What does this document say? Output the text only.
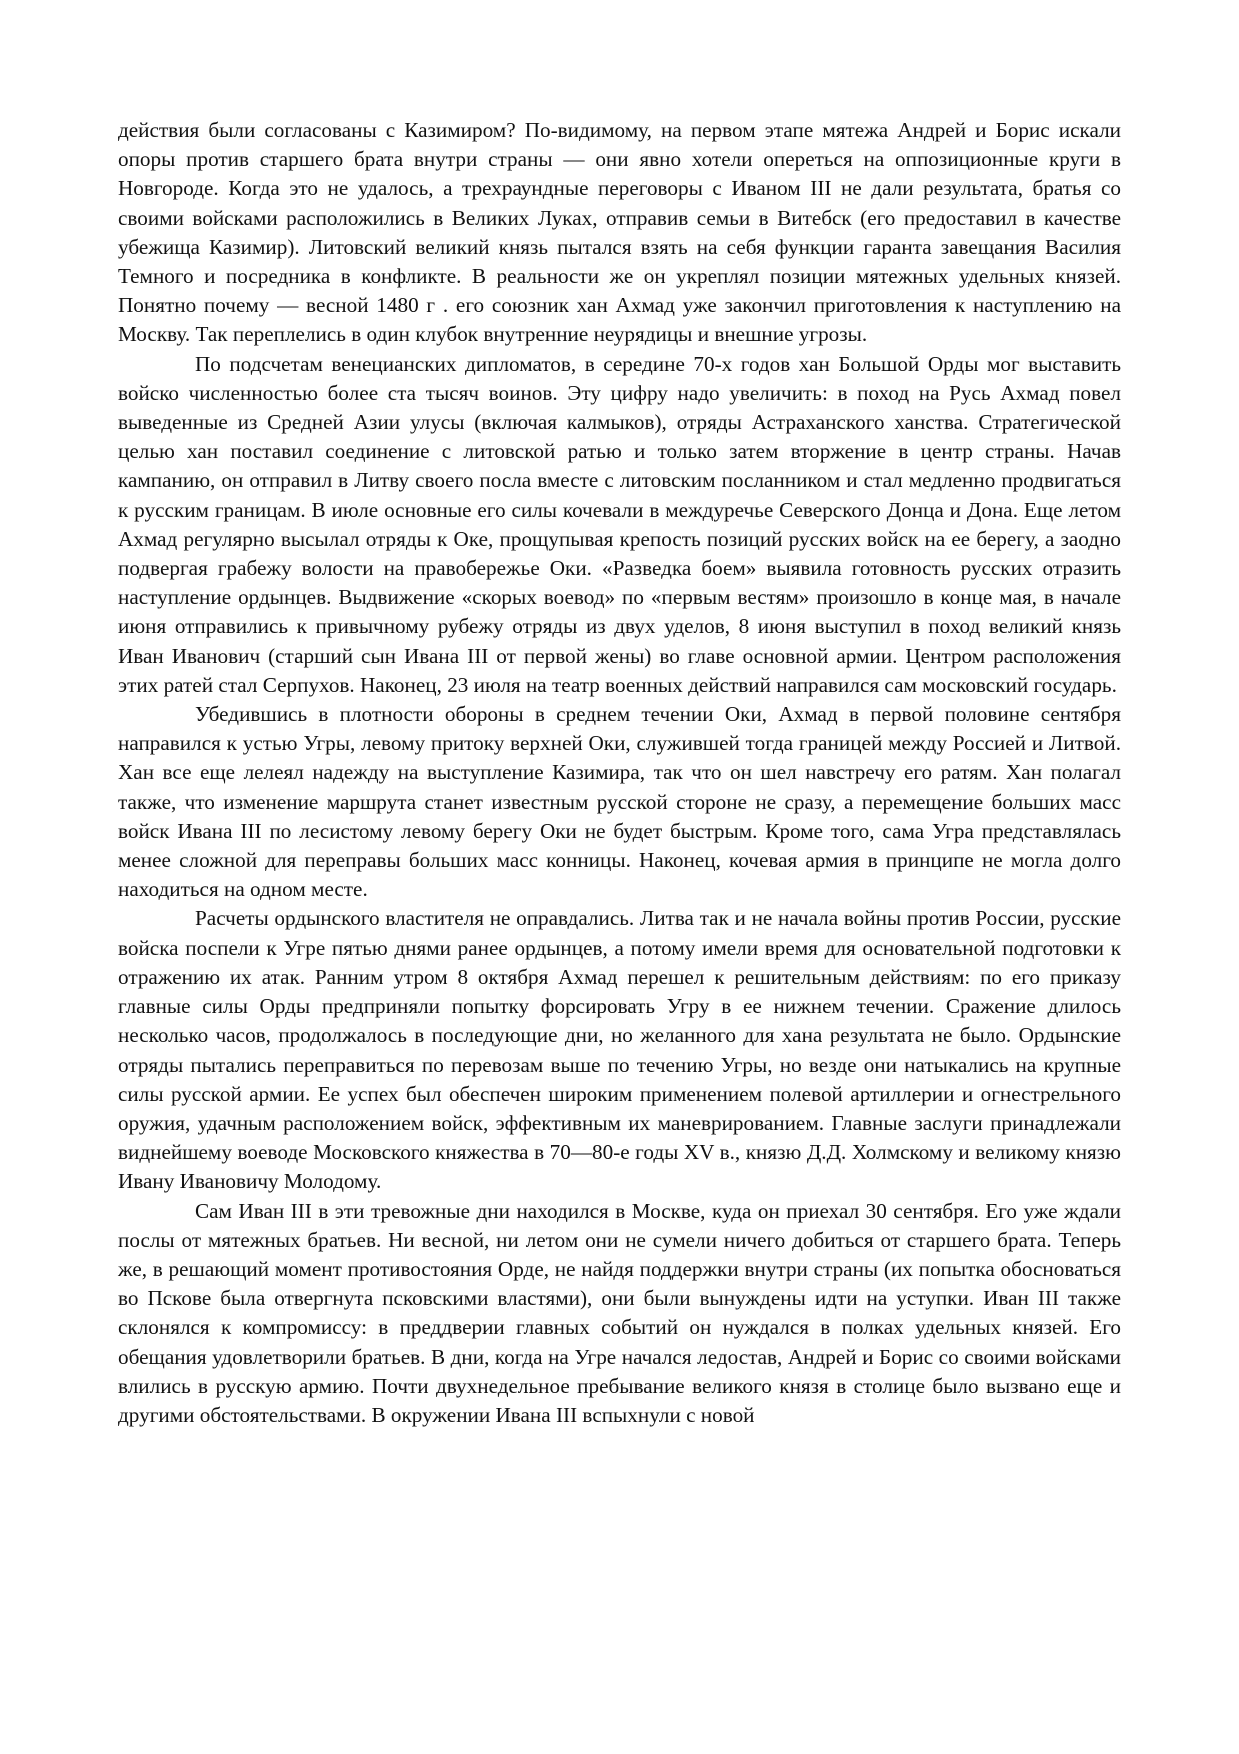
действия были согласованы с Казимиром? По-видимому, на первом этапе мятежа Андрей и Борис искали опоры против старшего брата внутри страны — они явно хотели опереться на оппозиционные круги в Новгороде. Когда это не удалось, а трехраундные переговоры с Иваном III не дали результата, братья со своими войсками расположились в Великих Луках, отправив семьи в Витебск (его предоставил в качестве убежища Казимир). Литовский великий князь пытался взять на себя функции гаранта завещания Василия Темного и посредника в конфликте. В реальности же он укреплял позиции мятежных удельных князей. Понятно почему — весной 1480 г . его союзник хан Ахмад уже закончил приготовления к наступлению на Москву. Так переплелись в один клубок внутренние неурядицы и внешние угрозы.

По подсчетам венецианских дипломатов, в середине 70-х годов хан Большой Орды мог выставить войско численностью более ста тысяч воинов. Эту цифру надо увеличить: в поход на Русь Ахмад повел выведенные из Средней Азии улусы (включая калмыков), отряды Астраханского ханства. Стратегической целью хан поставил соединение с литовской ратью и только затем вторжение в центр страны. Начав кампанию, он отправил в Литву своего посла вместе с литовским посланником и стал медленно продвигаться к русским границам. В июле основные его силы кочевали в междуречье Северского Донца и Дона. Еще летом Ахмад регулярно высылал отряды к Оке, прощупывая крепость позиций русских войск на ее берегу, а заодно подвергая грабежу волости на правобережье Оки. «Разведка боем» выявила готовность русских отразить наступление ордынцев. Выдвижение «скорых воевод» по «первым вестям» произошло в конце мая, в начале июня отправились к привычному рубежу отряды из двух уделов, 8 июня выступил в поход великий князь Иван Иванович (старший сын Ивана III от первой жены) во главе основной армии. Центром расположения этих ратей стал Серпухов. Наконец, 23 июля на театр военных действий направился сам московский государь.

Убедившись в плотности обороны в среднем течении Оки, Ахмад в первой половине сентября направился к устью Угры, левому притоку верхней Оки, служившей тогда границей между Россией и Литвой. Хан все еще лелеял надежду на выступление Казимира, так что он шел навстречу его ратям. Хан полагал также, что изменение маршрута станет известным русской стороне не сразу, а перемещение больших масс войск Ивана III по лесистому левому берегу Оки не будет быстрым. Кроме того, сама Угра представлялась менее сложной для переправы больших масс конницы. Наконец, кочевая армия в принципе не могла долго находиться на одном месте.

Расчеты ордынского властителя не оправдались. Литва так и не начала войны против России, русские войска поспели к Угре пятью днями ранее ордынцев, а потому имели время для основательной подготовки к отражению их атак. Ранним утром 8 октября Ахмад перешел к решительным действиям: по его приказу главные силы Орды предприняли попытку форсировать Угру в ее нижнем течении. Сражение длилось несколько часов, продолжалось в последующие дни, но желанного для хана результата не было. Ордынские отряды пытались переправиться по перевозам выше по течению Угры, но везде они натыкались на крупные силы русской армии. Ее успех был обеспечен широким применением полевой артиллерии и огнестрельного оружия, удачным расположением войск, эффективным их маневрированием. Главные заслуги принадлежали виднейшему воеводе Московского княжества в 70—80-е годы XV в., князю Д.Д. Холмскому и великому князю Ивану Ивановичу Молодому.

Сам Иван III в эти тревожные дни находился в Москве, куда он приехал 30 сентября. Его уже ждали послы от мятежных братьев. Ни весной, ни летом они не сумели ничего добиться от старшего брата. Теперь же, в решающий момент противостояния Орде, не найдя поддержки внутри страны (их попытка обосноваться во Пскове была отвергнута псковскими властями), они были вынуждены идти на уступки. Иван III также склонялся к компромиссу: в преддверии главных событий он нуждался в полках удельных князей. Его обещания удовлетворили братьев. В дни, когда на Угре начался ледостав, Андрей и Борис со своими войсками влились в русскую армию. Почти двухнедельное пребывание великого князя в столице было вызвано еще и другими обстоятельствами. В окружении Ивана III вспыхнули с новой
